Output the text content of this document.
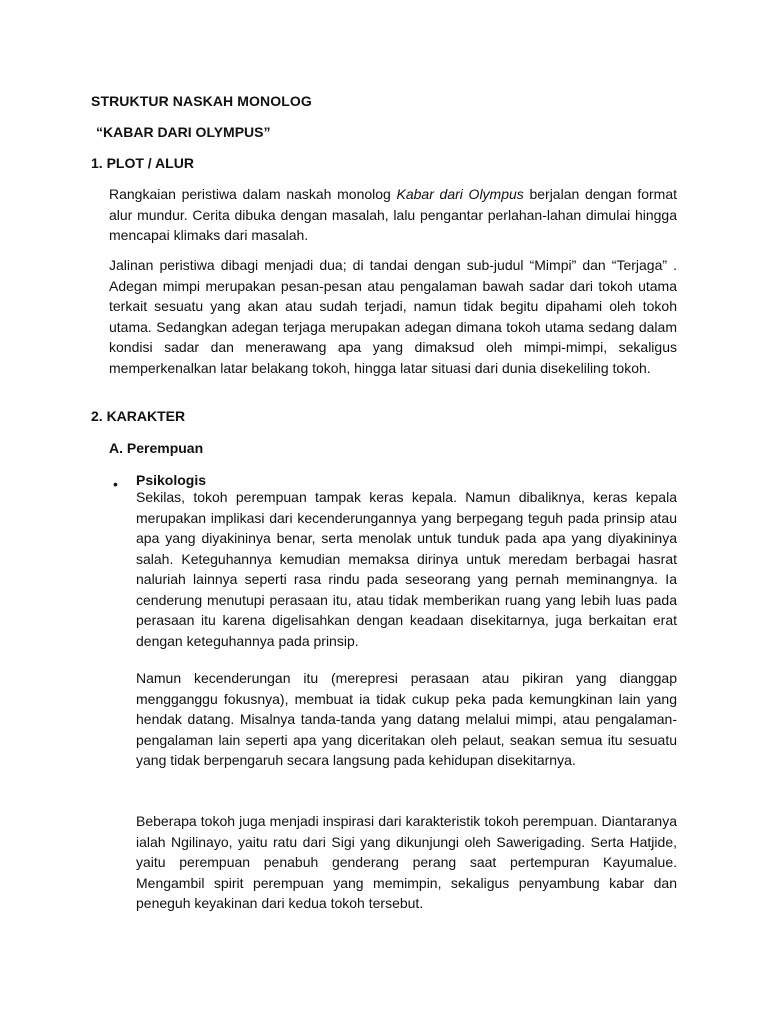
STRUKTUR NASKAH MONOLOG
“KABAR DARI OLYMPUS”
1. PLOT / ALUR

Rangkaian peristiwa dalam naskah monolog Kabar dari Olympus berjalan dengan format alur mundur. Cerita dibuka dengan masalah, lalu pengantar perlahan-lahan dimulai hingga mencapai klimaks dari masalah.

Jalinan peristiwa dibagi menjadi dua; di tandai dengan sub-judul “Mimpi” dan “Terjaga” . Adegan mimpi merupakan pesan-pesan atau pengalaman bawah sadar dari tokoh utama terkait sesuatu yang akan atau sudah terjadi, namun tidak begitu dipahami oleh tokoh utama. Sedangkan adegan terjaga merupakan adegan dimana tokoh utama sedang dalam kondisi sadar dan menerawang apa yang dimaksud oleh mimpi-mimpi, sekaligus memperkenalkan latar belakang tokoh, hingga latar situasi dari dunia disekeliling tokoh.

2. KARAKTER
A. Perempuan
• Psikologis

Sekilas, tokoh perempuan tampak keras kepala. Namun dibaliknya, keras kepala merupakan implikasi dari kecenderungannya yang berpegang teguh pada prinsip atau apa yang diyakininya benar, serta menolak untuk tunduk pada apa yang diyakininya salah. Keteguhannya kemudian memaksa dirinya untuk meredam berbagai hasrat naluriah lainnya seperti rasa rindu pada seseorang yang pernah meminangnya. Ia cenderung menutupi perasaan itu, atau tidak memberikan ruang yang lebih luas pada perasaan itu karena digelisahkan dengan keadaan disekitarnya, juga berkaitan erat dengan keteguhannya pada prinsip.

Namun kecenderungan itu (merepresi perasaan atau pikiran yang dianggap mengganggu fokusnya), membuat ia tidak cukup peka pada kemungkinan lain yang hendak datang. Misalnya tanda-tanda yang datang melalui mimpi, atau pengalaman-pengalaman lain seperti apa yang diceritakan oleh pelaut, seakan semua itu sesuatu yang tidak berpengaruh secara langsung pada kehidupan disekitarnya.

Beberapa tokoh juga menjadi inspirasi dari karakteristik tokoh perempuan. Diantaranya ialah Ngilinayo, yaitu ratu dari Sigi yang dikunjungi oleh Sawerigading. Serta Hatjide, yaitu perempuan penabuh genderang perang saat pertempuran Kayumalue. Mengambil spirit perempuan yang memimpin, sekaligus penyambung kabar dan peneguh keyakinan dari kedua tokoh tersebut.
